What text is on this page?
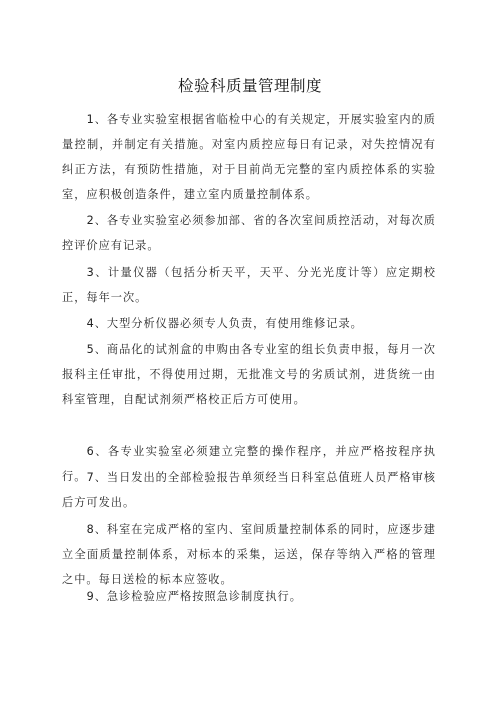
检验科质量管理制度

1、各专业实验室根据省临检中心的有关规定，开展实验室内的质量控制，并制定有关措施。对室内质控应每日有记录，对失控情况有纠正方法，有预防性措施，对于目前尚无完整的室内质控体系的实验室，应积极创造条件，建立室内质量控制体系。

2、各专业实验室必须参加部、省的各次室间质控活动，对每次质控评价应有记录。

3、计量仪器（包括分析天平，天平、分光光度计等）应定期校正，每年一次。

4、大型分析仪器必须专人负责，有使用维修记录。

5、商品化的试剂盒的申购由各专业室的组长负责申报，每月一次报科主任审批，不得使用过期，无批准文号的劣质试剂，进货统一由科室管理，自配试剂须严格校正后方可使用。

6、各专业实验室必须建立完整的操作程序，并应严格按程序执行。 7、当日发出的全部检验报告单须经当日科室总值班人员严格审核后方可发出。

8、科室在完成严格的室内、室间质量控制体系的同时，应逐步建立全面质量控制体系，对标本的采集，运送，保存等纳入严格的管理之中。每日送检的标本应签收。

9、急诊检验应严格按照急诊制度执行。
